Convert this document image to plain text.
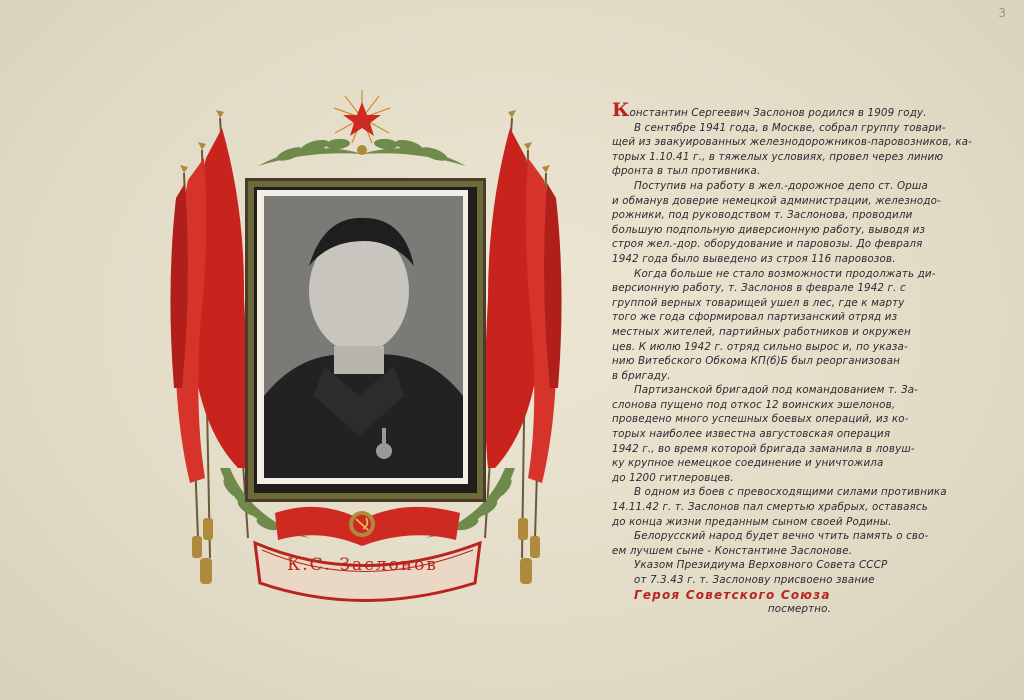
3
К.С. Заслонов
Константин Сергеевич Заслонов родился в 1909 году.
В сентябре 1941 года, в Москве, собрал группу товари-
щей из эвакуированных железнодорожников-паровозников, ка-
торых 1.10.41 г., в тяжелых условиях, провел через линию
фронта в тыл противника.
Поступив на работу в жел.-дорожное депо ст. Орша
и обманув доверие немецкой администрации, железнодо-
рожники, под руководством т. Заслонова, проводили
большую подпольную диверсионную работу, выводя из
строя жел.-дор. оборудование и паровозы. До февраля
1942 года было выведено из строя 116 паровозов.
Когда больше не стало возможности продолжать ди-
версионную работу, т. Заслонов в феврале 1942 г. с
группой верных товарищей ушел в лес, где к марту
того же года сформировал партизанский отряд из
местных жителей, партийных работников и окружен
цев. К июлю 1942 г. отряд сильно вырос и, по указа-
нию Витебского Обкома КП(б)Б был реорганизован
в бригаду.
Партизанской бригадой под командованием т. За-
слонова пущено под откос 12 воинских эшелонов,
проведено много успешных боевых операций, из ко-
торых наиболее известна августовская операция
1942 г., во время которой бригада заманила в ловуш-
ку крупное немецкое соединение и уничтожила
до 1200 гитлеровцев.
В одном из боев с превосходящими силами противника
14.11.42 г. т. Заслонов пал смертью храбрых, оставаясь
до конца жизни преданным сыном своей Родины.
Белорусский народ будет вечно чтить память о сво-
ем лучшем сыне - Константине Заслонове.
Указом Президиума Верховного Совета СССР
от 7.3.43 г. т. Заслонову присвоено звание
Героя Советского Союза
посмертно.
